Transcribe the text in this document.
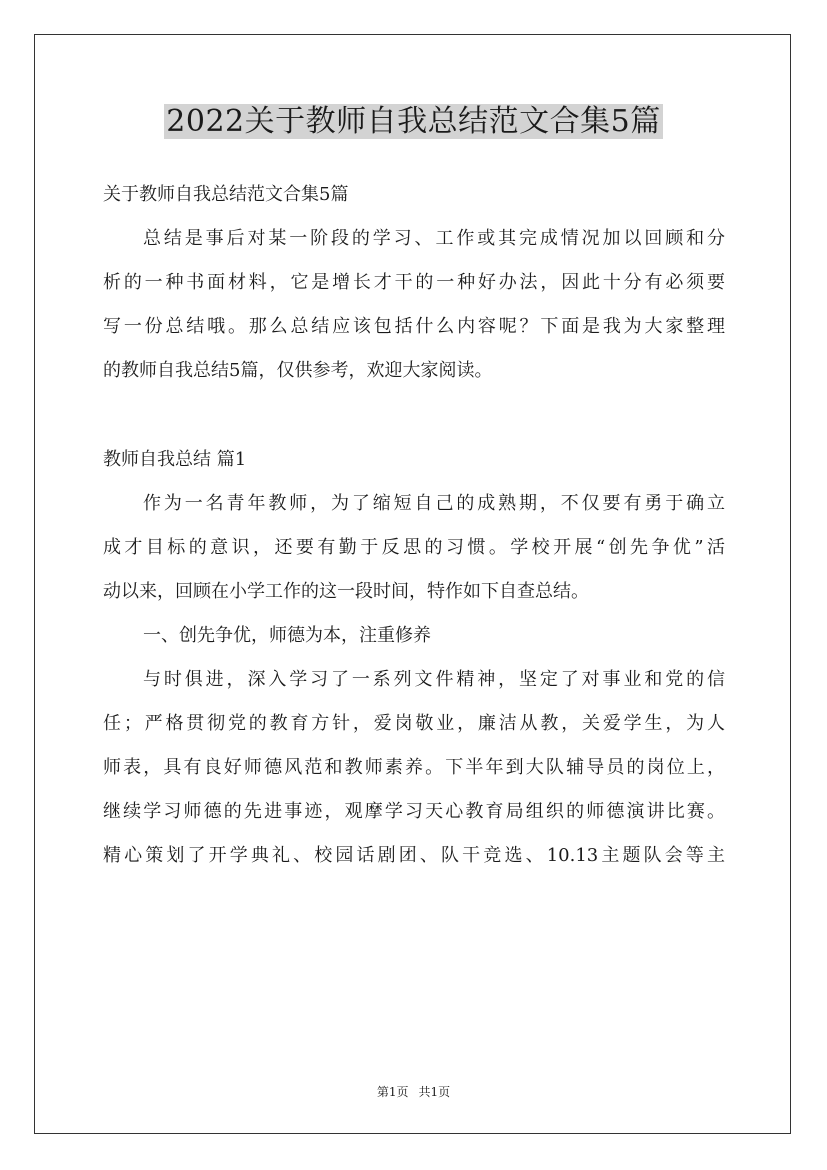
2022关于教师自我总结范文合集5篇
关于教师自我总结范文合集5篇
总结是事后对某一阶段的学习、工作或其完成情况加以回顾和分
析的一种书面材料，它是增长才干的一种好办法，因此十分有必须要
写一份总结哦。那么总结应该包括什么内容呢？下面是我为大家整理
的教师自我总结5篇，仅供参考，欢迎大家阅读。
教师自我总结 篇1
作为一名青年教师，为了缩短自己的成熟期，不仅要有勇于确立
成才目标的意识，还要有勤于反思的习惯。学校开展“创先争优”活
动以来，回顾在小学工作的这一段时间，特作如下自查总结。
一、创先争优，师德为本，注重修养
与时俱进，深入学习了一系列文件精神，坚定了对事业和党的信
任；严格贯彻党的教育方针，爱岗敬业，廉洁从教，关爱学生，为人
师表，具有良好师德风范和教师素养。下半年到大队辅导员的岗位上，
继续学习师德的先进事迹，观摩学习天心教育局组织的师德演讲比赛。
精心策划了开学典礼、校园话剧团、队干竞选、10.13主题队会等主
第1页 共1页
